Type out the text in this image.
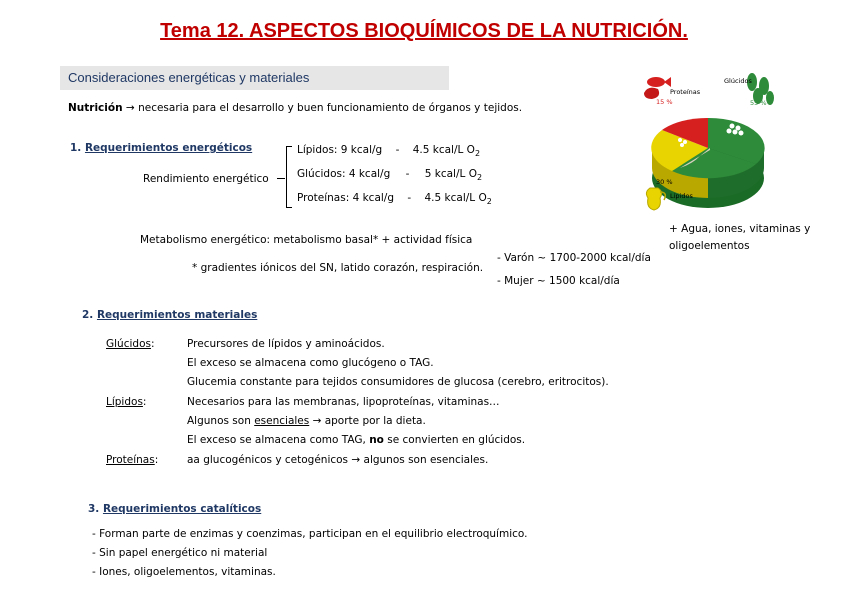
Tema 12. ASPECTOS BIOQUÍMICOS DE LA NUTRICIÓN.
Consideraciones energéticas y materiales
Nutrición → necesaria para el desarrollo y buen funcionamiento de órganos y tejidos.
1. Requerimientos energéticos
Rendimiento energético
Lípidos: 9 kcal/g - 4.5 kcal/L $O_2$
Glúcidos: 4 kcal/g - 5 kcal/L $O_2$
Proteínas: 4 kcal/g - 4.5 kcal/L $O_2$
Metabolismo energético: metabolismo basal* + actividad física
* gradientes iónicos del SN, latido corazón, respiración.
- Varón ~ 1700-2000 kcal/día
- Mujer ~ 1500 kcal/día
Glúcidos
55 %
Proteínas
15 %
30 %
Lípidos
+ Agua, iones, vitaminas y
oligoelementos
2. Requerimientos materiales
Glúcidos:	Precursores de lípidos y aminoácidos.
El exceso se almacena como glucógeno o TAG.
Glucemia constante para tejidos consumidores de glucosa (cerebro, eritrocitos).
Lípidos:	Necesarios para las membranas, lipoproteínas, vitaminas…
Algunos son esenciales → aporte por la dieta.
El exceso se almacena como TAG, no se convierten en glúcidos.
Proteínas:	aa glucogénicos y cetogénicos → algunos son esenciales.
3. Requerimientos catalíticos
- Forman parte de enzimas y coenzimas, participan en el equilibrio electroquímico.
- Sin papel energético ni material
- Iones, oligoelementos, vitaminas.
